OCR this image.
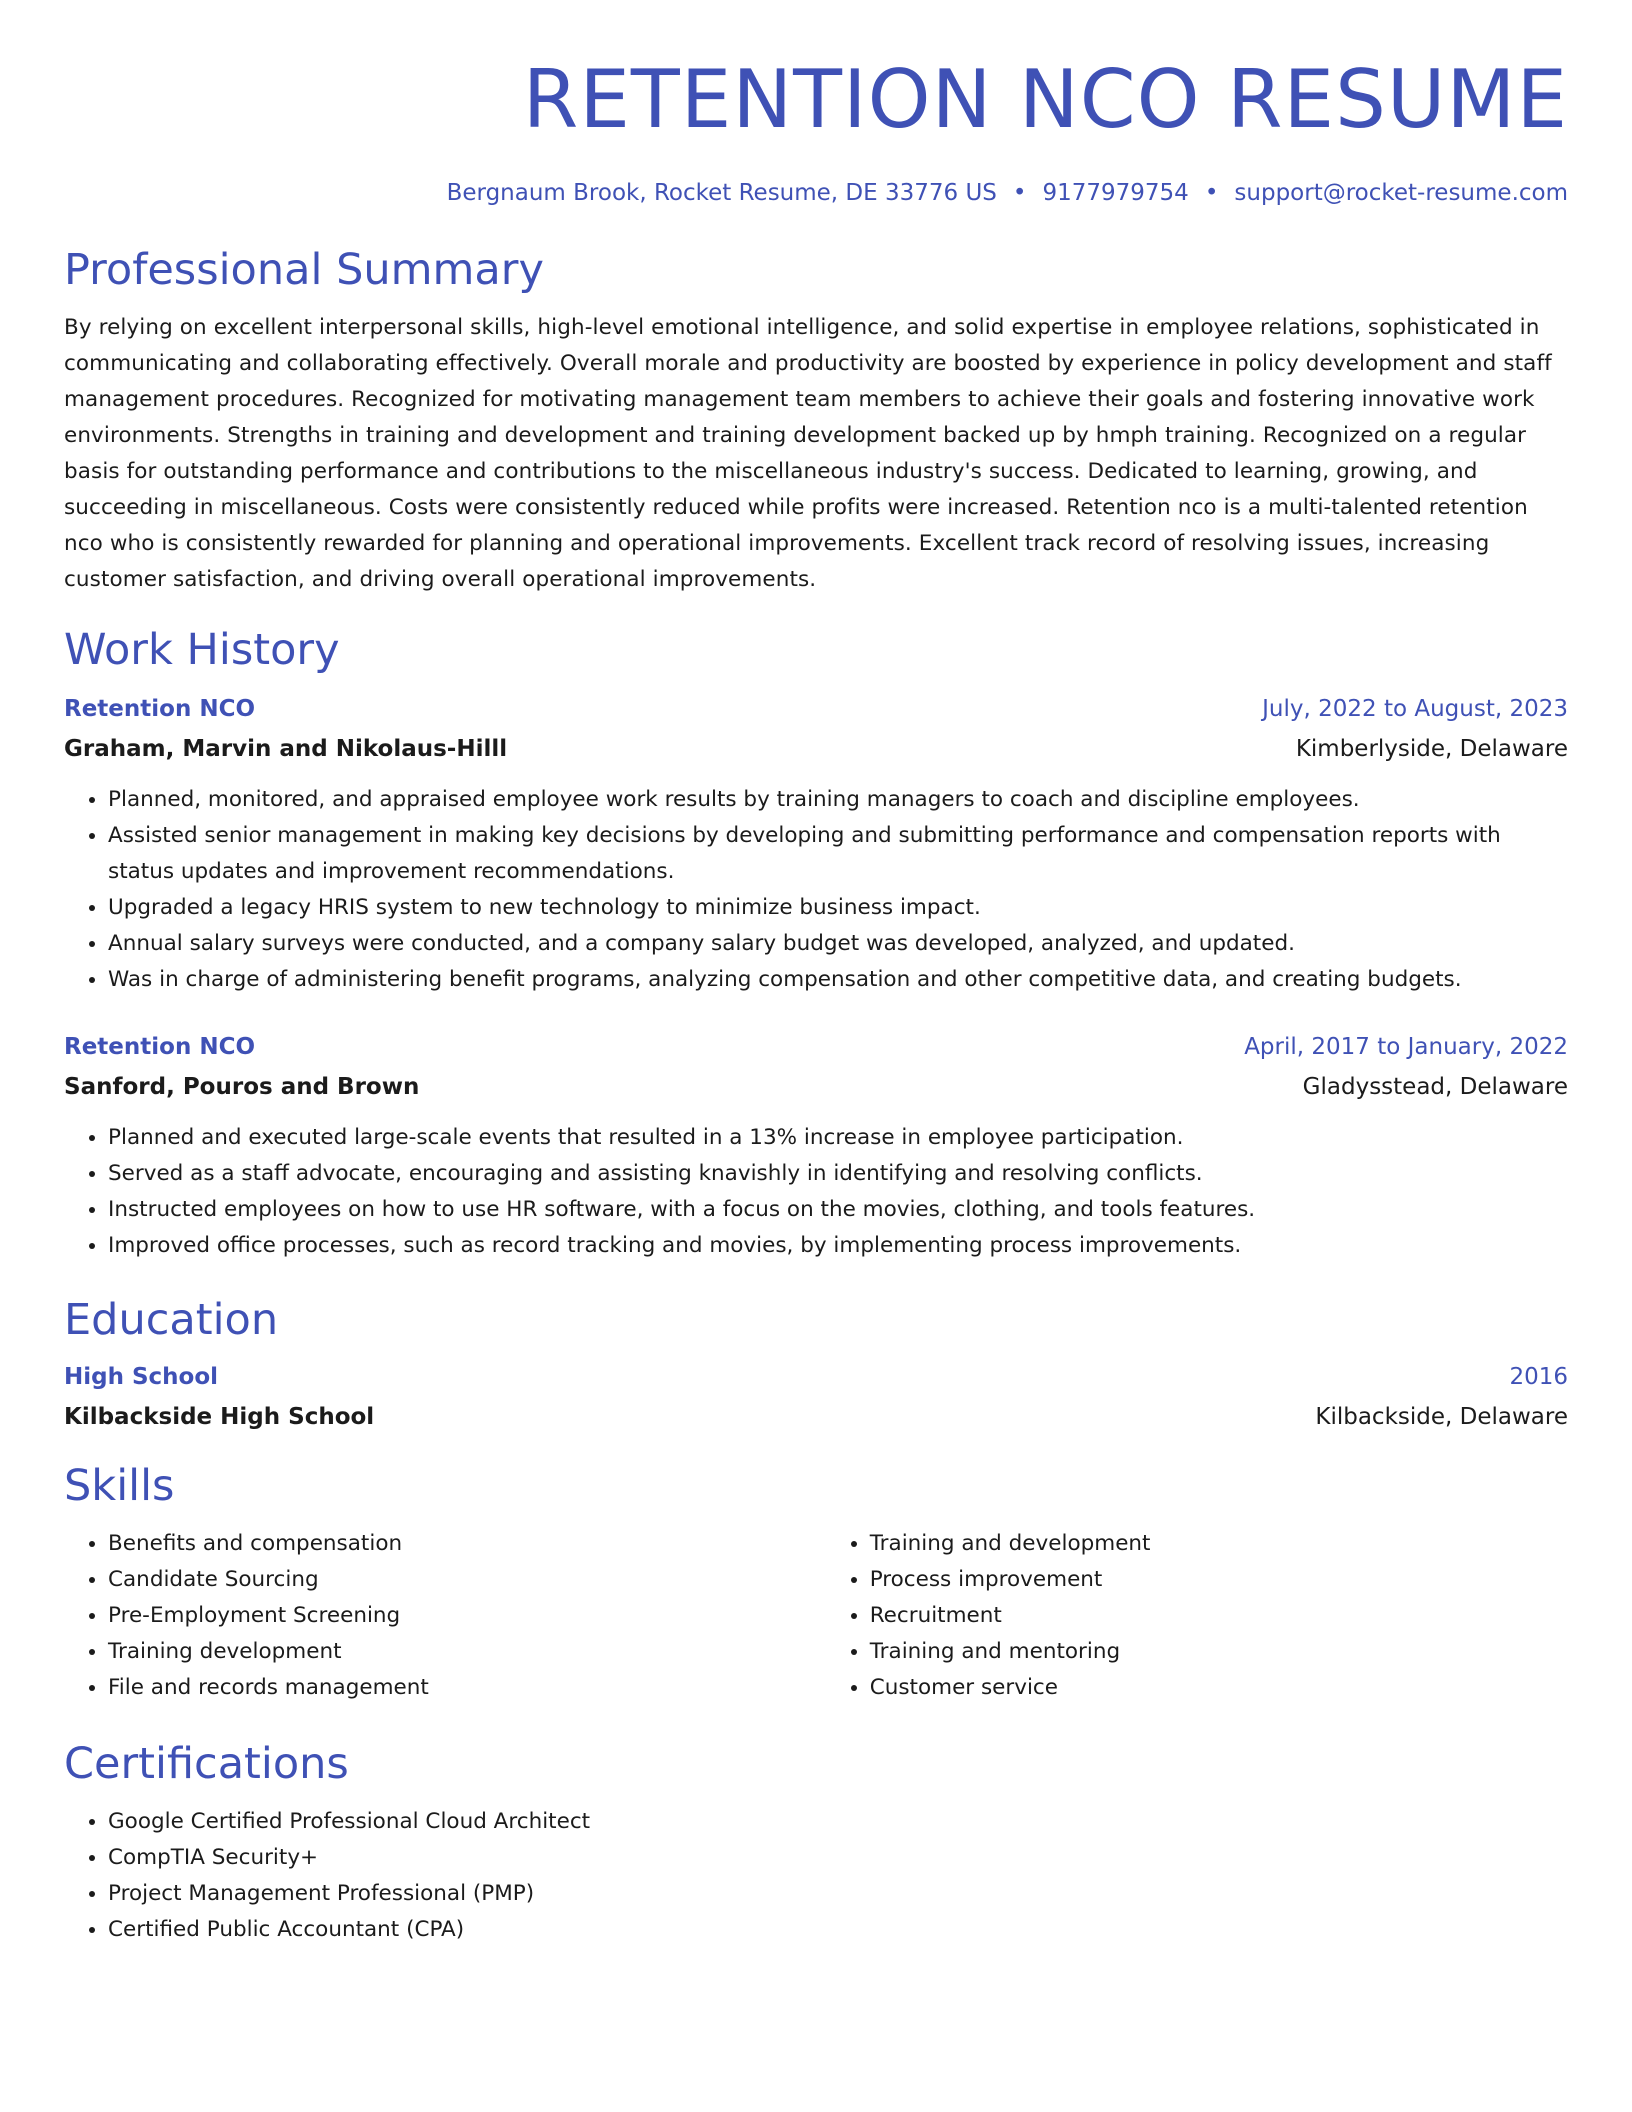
RETENTION NCO RESUME
Bergnaum Brook, Rocket Resume, DE 33776 US • 9177979754 • support@rocket-resume.com
Professional Summary
By relying on excellent interpersonal skills, high-level emotional intelligence, and solid expertise in employee relations, sophisticated in communicating and collaborating effectively. Overall morale and productivity are boosted by experience in policy development and staff management procedures. Recognized for motivating management team members to achieve their goals and fostering innovative work environments. Strengths in training and development and training development backed up by hmph training. Recognized on a regular basis for outstanding performance and contributions to the miscellaneous industry's success. Dedicated to learning, growing, and succeeding in miscellaneous. Costs were consistently reduced while profits were increased. Retention nco is a multi-talented retention nco who is consistently rewarded for planning and operational improvements. Excellent track record of resolving issues, increasing customer satisfaction, and driving overall operational improvements.
Work History
Retention NCO	July, 2022 to August, 2023
Graham, Marvin and Nikolaus-Hilll	Kimberlyside, Delaware
• Planned, monitored, and appraised employee work results by training managers to coach and discipline employees.
• Assisted senior management in making key decisions by developing and submitting performance and compensation reports with status updates and improvement recommendations.
• Upgraded a legacy HRIS system to new technology to minimize business impact.
• Annual salary surveys were conducted, and a company salary budget was developed, analyzed, and updated.
• Was in charge of administering benefit programs, analyzing compensation and other competitive data, and creating budgets.
Retention NCO	April, 2017 to January, 2022
Sanford, Pouros and Brown	Gladysstead, Delaware
• Planned and executed large-scale events that resulted in a 13% increase in employee participation.
• Served as a staff advocate, encouraging and assisting knavishly in identifying and resolving conflicts.
• Instructed employees on how to use HR software, with a focus on the movies, clothing, and tools features.
• Improved office processes, such as record tracking and movies, by implementing process improvements.
Education
High School	2016
Kilbackside High School	Kilbackside, Delaware
Skills
• Benefits and compensation
• Candidate Sourcing
• Pre-Employment Screening
• Training development
• File and records management
• Training and development
• Process improvement
• Recruitment
• Training and mentoring
• Customer service
Certifications
• Google Certified Professional Cloud Architect
• CompTIA Security+
• Project Management Professional (PMP)
• Certified Public Accountant (CPA)
